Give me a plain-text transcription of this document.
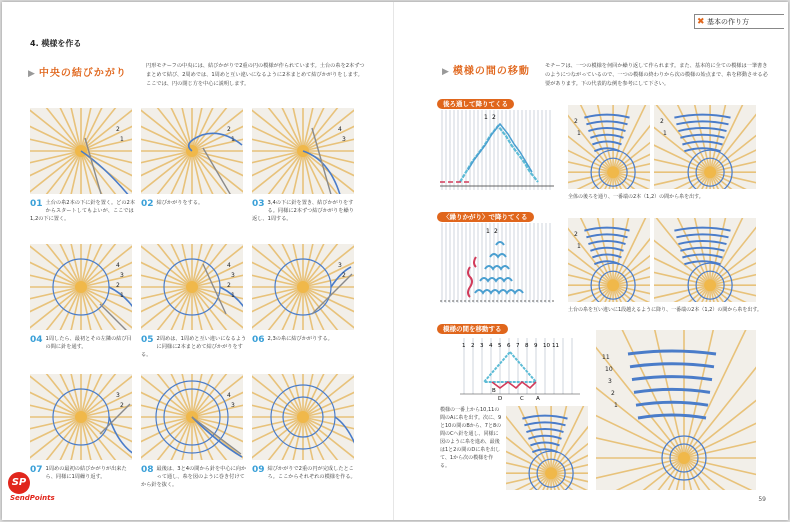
✖ 基本の作り方
4. 模様を作る
▶ 中央の結びかがり
円形モチーフの中央には、結びかがりで2重の円の模様が作られています。土台の糸を2本ずつまとめて結び、2周めでは、1周めと互い違いになるように2本まとめて結びかがりをします。ここでは、円の閉じ方を中心に説明します。
2
1
2
1
4
3
4
3
2
1
4
3
2
1
3
2
3
2
4
3
01 土台の糸2本の下に針を置く。どの2本からスタートしてもよいが、ここでは1,2の下に置く。
02 結びかがりをする。	03 3,4の下に針を置き、結びかがりをする。同様に2本ずつ結びかがりを繰り返し、1周する。
04 1周したら、最初とその左隣の結び目の間に針を通す。
05 2周めは、1周めと互い違いになるように同様に2本まとめて結びかがりをする。
06 2,3の糸に結びかがりする。
07 1周めの最初の結びかがりが出来たら、同様に1周繰り返す。
08 最後は、3と4の間から針を中心に向かって通し、糸を図のように巻き付けてから針を抜く。
09 結びかがりで2重の円が完成したところ。ここからそれぞれの模様を作る。
▶ 模様の間の移動	モチーフは、一つの模様を何回か繰り返して作られます。また、基本的に全ての模様は一筆書きのようにつながっているので、一つの模様の終わりから次の模様の始点まで、糸を移動させる必要があります。下の代表的な例を参考にして下さい。
後ろ通して降りてくる
〈繰りかがり〉で降りてくる
模様の間を移動する
1 2
1 2
1 2 3 4 5 6 7 8 9 10 11
B
D	C A
2
1
2
1
2
1
11
10
3
2
1
全体の後ろを通り、一番端の2本（1,2）の間から糸を出す。
土台の糸を互い違いに1段越えるように降り、一番端の2本（1,2）の間から糸を出す。
模様の一番上から10,11の間のAに糸を出す。次に、9と10の間のBから、7と8の間のCへ針を通し、同様に図のように糸を進め、最後は1と2の間のDに糸を出して、1から次の模様を作る。
SP
SendPoints	59
